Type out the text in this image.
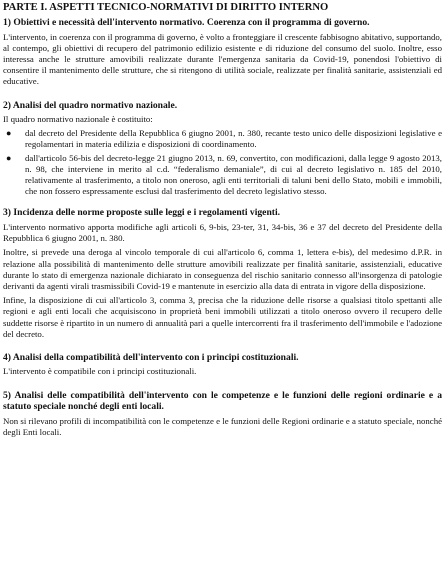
PARTE I. ASPETTI TECNICO-NORMATIVI DI DIRITTO INTERNO
1) Obiettivi e necessità dell'intervento normativo. Coerenza con il programma di governo.

L'intervento, in coerenza con il programma di governo, è volto a fronteggiare il crescente fabbisogno abitativo, supportando, al contempo, gli obiettivi di recupero del patrimonio edilizio esistente e di riduzione del consumo del suolo. Inoltre, esso interessa anche le strutture amovibili realizzate durante l'emergenza sanitaria da Covid-19, ponendosi l'obiettivo di consentire il mantenimento delle strutture, che si ritengono di utilità sociale, realizzate per finalità sanitarie, assistenziali ed educative.

2) Analisi del quadro normativo nazionale.

Il quadro normativo nazionale è costituito:

● dal decreto del Presidente della Repubblica 6 giugno 2001, n. 380, recante testo unico delle disposizioni legislative e regolamentari in materia edilizia e disposizioni di coordinamento.
● dall'articolo 56-bis del decreto-legge 21 giugno 2013, n. 69, convertito, con modificazioni, dalla legge 9 agosto 2013, n. 98, che interviene in merito al c.d. “federalismo demaniale”, di cui al decreto legislativo n. 185 del 2010, relativamente al trasferimento, a titolo non oneroso, agli enti territoriali di taluni beni dello Stato, mobili e immobili, che non fossero espressamente esclusi dal trasferimento del decreto legislativo stesso.
3) Incidenza delle norme proposte sulle leggi e i regolamenti vigenti.

L'intervento normativo apporta modifiche agli articoli 6, 9-bis, 23-ter, 31, 34-bis, 36 e 37 del decreto del Presidente della Repubblica 6 giugno 2001, n. 380.

Inoltre, si prevede una deroga al vincolo temporale di cui all'articolo 6, comma 1, lettera e-bis), del medesimo d.P.R. in relazione alla possibilità di mantenimento delle strutture amovibili realizzate per finalità sanitarie, assistenziali, educative durante lo stato di emergenza nazionale dichiarato in conseguenza del rischio sanitario connesso all'insorgenza di patologie derivanti da agenti virali trasmissibili Covid-19 e mantenute in esercizio alla data di entrata in vigore della disposizione.

Infine, la disposizione di cui all'articolo 3, comma 3, precisa che la riduzione delle risorse a qualsiasi titolo spettanti alle regioni e agli enti locali che acquisiscono in proprietà beni immobili utilizzati a titolo oneroso ovvero il recupero delle suddette risorse è ripartito in un numero di annualità pari a quelle intercorrenti fra il trasferimento dell'immobile e l'adozione del decreto.

4) Analisi della compatibilità dell'intervento con i principi costituzionali.

L'intervento è compatibile con i principi costituzionali.

5) Analisi delle compatibilità dell'intervento con le competenze e le funzioni delle regioni ordinarie e a statuto speciale nonché degli enti locali.

Non si rilevano profili di incompatibilità con le competenze e le funzioni delle Regioni ordinarie e a statuto speciale, nonché degli Enti locali.
